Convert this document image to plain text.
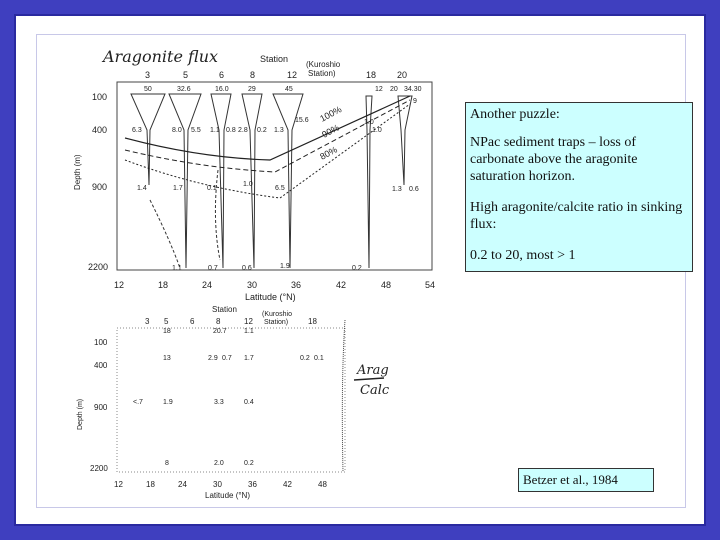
Aragonite flux	Station
(Kuroshio
Station)
3	5	6	8	12	18 20
Depth (m)
100
400
900
2200
12	18	24	30	36	42	48	54
Latitude (°N)
100%
90%
80%
50	32.6	16.0	29	45	12 20 34.30
9
6.3	8.0 5.5 1.1 0.8 2.8 0.2 1.3
15.6	1.0
1.0
1.4	1.7	0.1
1.0
6.5	1.3 0.6
1.1	0.7	0.6	1.9	0.2
Station
(Kuroshio
Station)
3 5	6	8	12	18
Depth (m)
100
400
900
2200
12	18	24	30	36	42	48
Latitude (°N)
18	20.7 1.1
13	2.9 0.7 1.7	0.2 0.1
<.7	1.9	3.3	0.4
8	2.0	0.2
Arag
Calc

Another puzzle:

NPac sediment traps – loss of carbonate above the aragonite saturation horizon.

High aragonite/calcite ratio in sinking flux:

0.2 to 20, most > 1

Betzer et al., 1984
